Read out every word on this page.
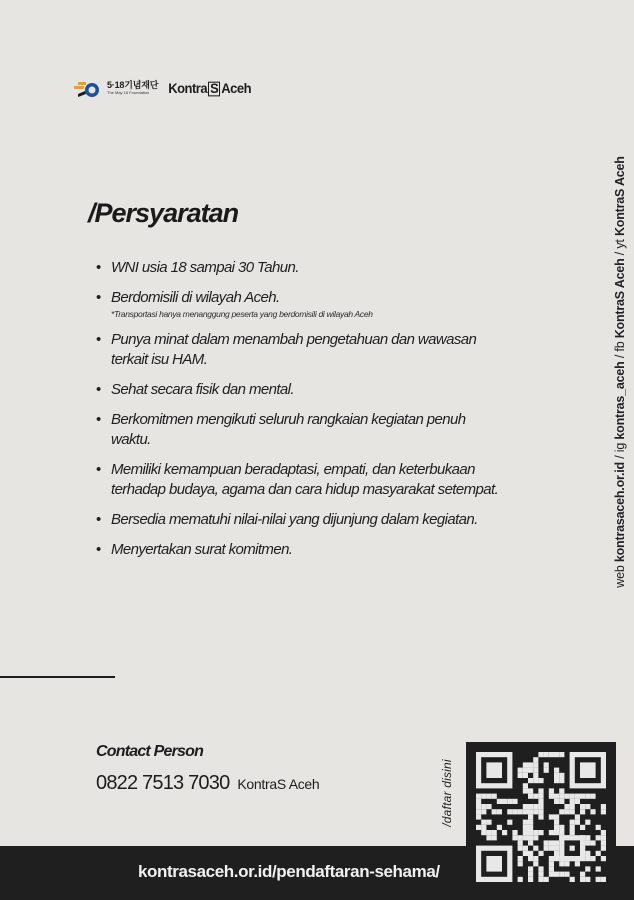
5·18기념재단
The May 18 Foundation	Kontra S Aceh
web kontrasaceh.or.id / ig kontras_aceh / fb KontraS Aceh / yt KontraS Aceh
/Persyaratan
• WNI usia 18 sampai 30 Tahun.
• Berdomisili di wilayah Aceh.
*Transportasi hanya menanggung peserta yang berdomisili di wilayah Aceh
• Punya minat dalam menambah pengetahuan dan wawasan terkait isu HAM.
• Sehat secara fisik dan mental.
• Berkomitmen mengikuti seluruh rangkaian kegiatan penuh waktu.
• Memiliki kemampuan beradaptasi, empati, dan keterbukaan terhadap budaya, agama dan cara hidup masyarakat setempat.
• Bersedia mematuhi nilai-nilai yang dijunjung dalam kegiatan.
• Menyertakan surat komitmen.
Contact Person
0822 7513 7030 KontraS Aceh	/daftar disini
kontrasaceh.or.id/pendaftaran-sehama/
